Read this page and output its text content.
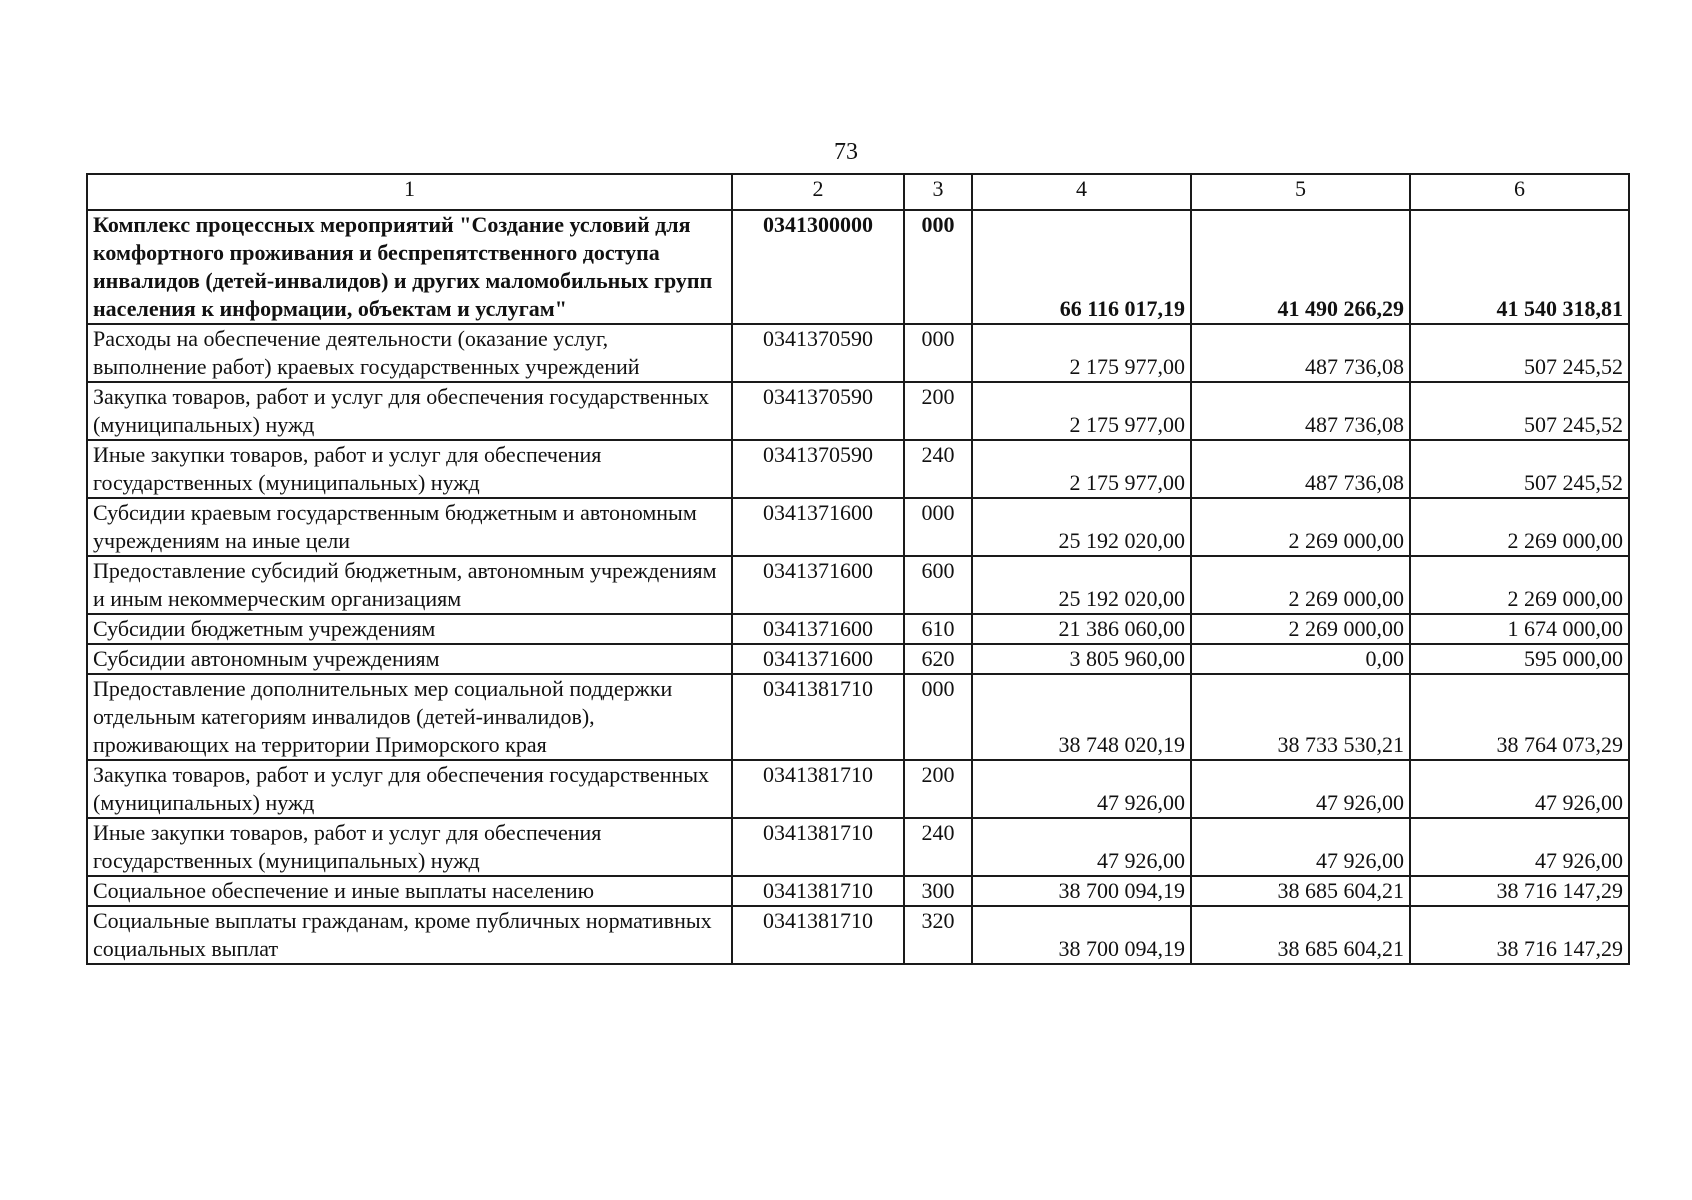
73
1	2	3	4	5	6
Комплекс процессных мероприятий "Создание условий для комфортного проживания и беспрепятственного доступа инвалидов (детей-инвалидов) и других маломобильных групп населения к информации, объектам и услугам"	0341300000	000	66 116 017,19	41 490 266,29	41 540 318,81
Расходы на обеспечение деятельности (оказание услуг, выполнение работ) краевых государственных учреждений	0341370590	000	2 175 977,00	487 736,08	507 245,52
Закупка товаров, работ и услуг для обеспечения государственных (муниципальных) нужд	0341370590	200	2 175 977,00	487 736,08	507 245,52
Иные закупки товаров, работ и услуг для обеспечения государственных (муниципальных) нужд	0341370590	240	2 175 977,00	487 736,08	507 245,52
Субсидии краевым государственным бюджетным и автономным учреждениям на иные цели	0341371600	000	25 192 020,00	2 269 000,00	2 269 000,00
Предоставление субсидий бюджетным, автономным учреждениям и иным некоммерческим организациям	0341371600	600	25 192 020,00	2 269 000,00	2 269 000,00
Субсидии бюджетным учреждениям	0341371600	610	21 386 060,00	2 269 000,00	1 674 000,00
Субсидии автономным учреждениям	0341371600	620	3 805 960,00	0,00	595 000,00
Предоставление дополнительных мер социальной поддержки отдельным категориям инвалидов (детей-инвалидов), проживающих на территории Приморского края	0341381710	000	38 748 020,19	38 733 530,21	38 764 073,29
Закупка товаров, работ и услуг для обеспечения государственных (муниципальных) нужд	0341381710	200	47 926,00	47 926,00	47 926,00
Иные закупки товаров, работ и услуг для обеспечения государственных (муниципальных) нужд	0341381710	240	47 926,00	47 926,00	47 926,00
Социальное обеспечение и иные выплаты населению	0341381710	300	38 700 094,19	38 685 604,21	38 716 147,29
Социальные выплаты гражданам, кроме публичных нормативных социальных выплат	0341381710	320	38 700 094,19	38 685 604,21	38 716 147,29
